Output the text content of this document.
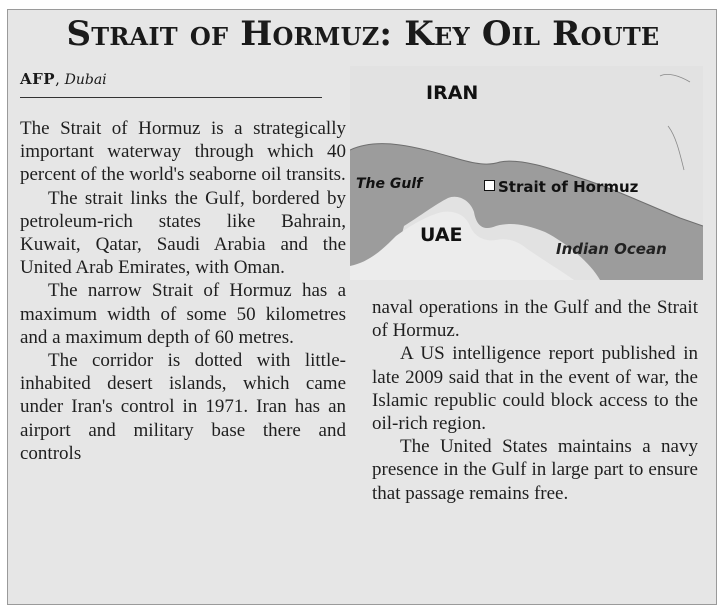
Strait of Hormuz: Key Oil Route
AFP, Dubai

The Strait of Hormuz is a strategically important waterway through which 40 percent of the world's seaborne oil transits.

The strait links the Gulf, bordered by petroleum-rich states like Bahrain, Kuwait, Qatar, Saudi Arabia and the United Arab Emirates, with Oman.

The narrow Strait of Hormuz has a maximum width of some 50 kilometres and a maximum depth of 60 metres.

The corridor is dotted with little-inhabited desert islands, which came under Iran's control in 1971. Iran has an airport and military base there and controls

IRAN
The Gulf	Strait of Hormuz
UAE
Indian Ocean

naval operations in the Gulf and the Strait of Hormuz.

A US intelligence report published in late 2009 said that in the event of war, the Islamic republic could block access to the oil-rich region.

The United States maintains a navy presence in the Gulf in large part to ensure that passage remains free.
